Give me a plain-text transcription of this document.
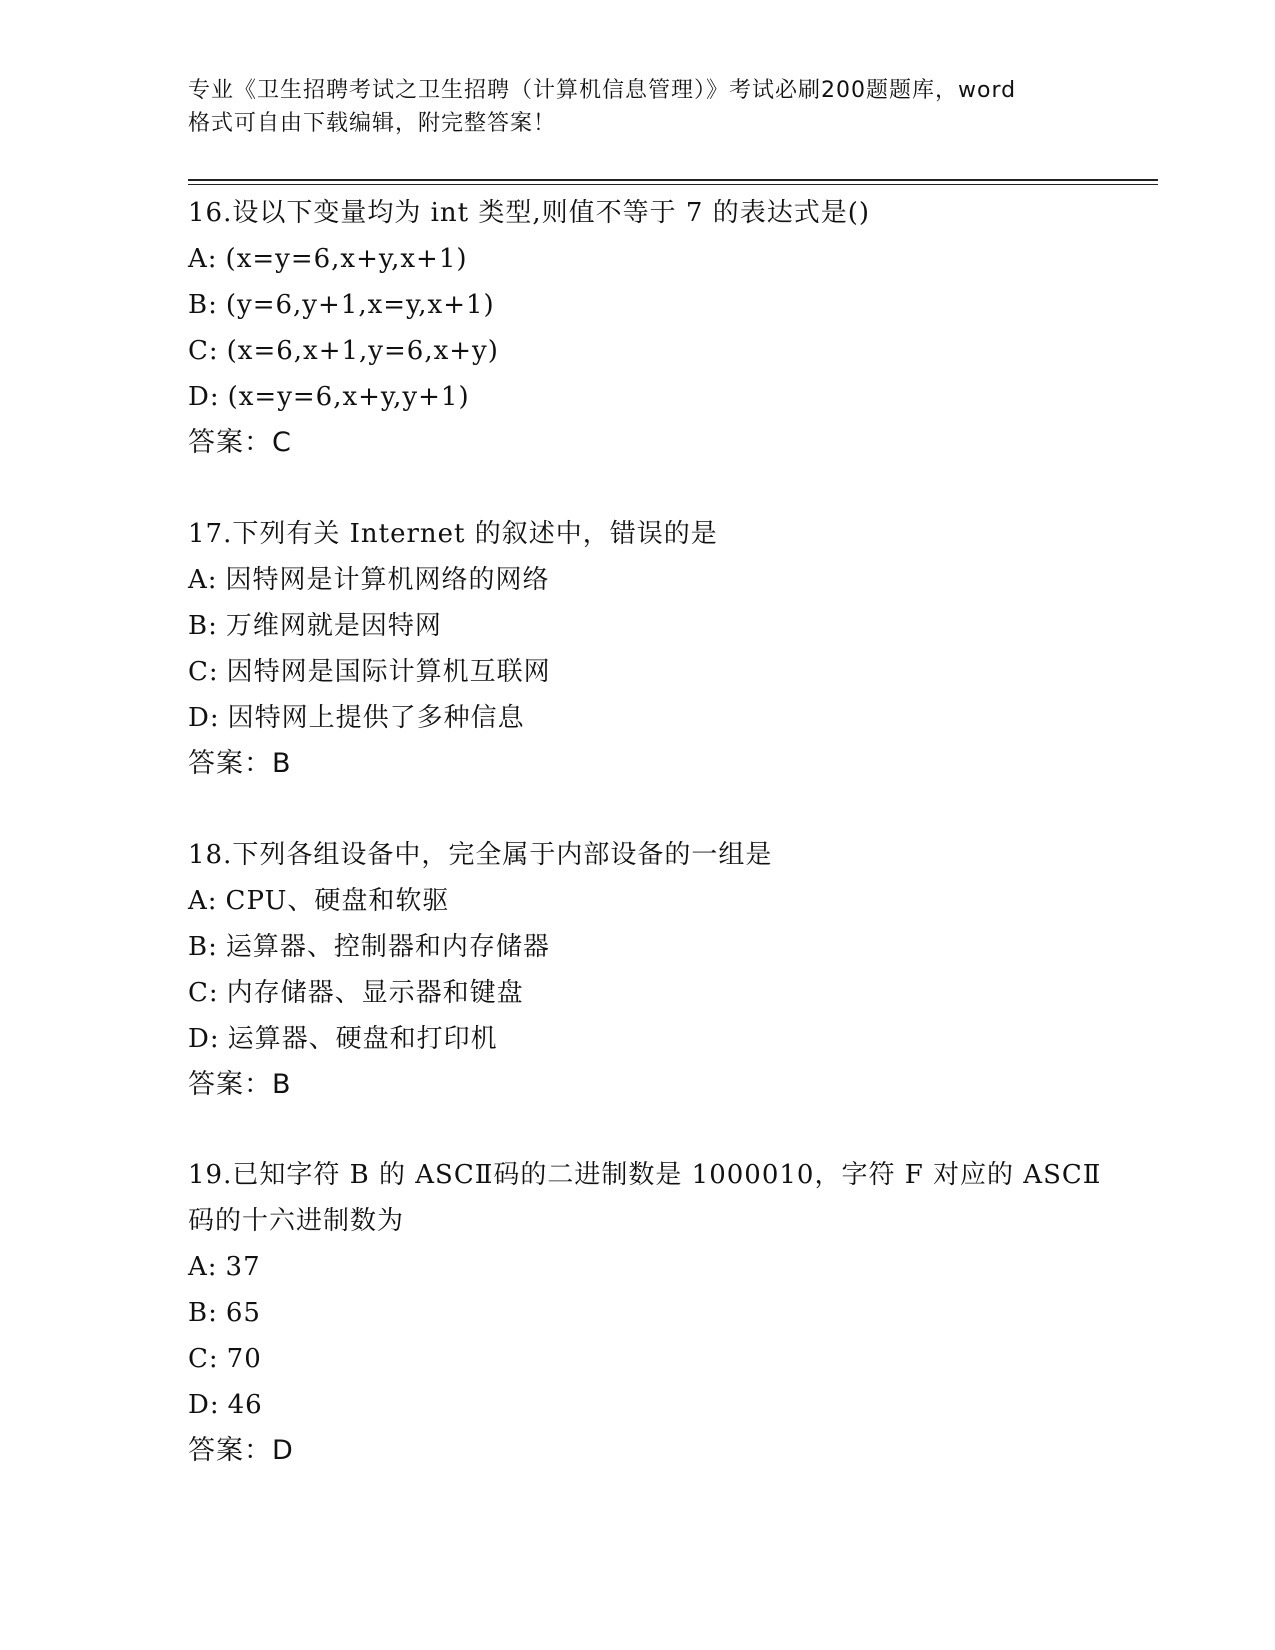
专业《卫生招聘考试之卫生招聘（计算机信息管理）》考试必刷200题题库，word
格式可自由下载编辑，附完整答案！

16.设以下变量均为 int 类型,则值不等于 7 的表达式是()

A: (x=y=6,x+y,x+1)

B: (y=6,y+1,x=y,x+1)

C: (x=6,x+1,y=6,x+y)

D: (x=y=6,x+y,y+1)

答案：C

17.下列有关 Internet 的叙述中，错误的是

A: 因特网是计算机网络的网络

B: 万维网就是因特网

C: 因特网是国际计算机互联网

D: 因特网上提供了多种信息

答案：B

18.下列各组设备中，完全属于内部设备的一组是

A: CPU、硬盘和软驱

B: 运算器、控制器和内存储器

C: 内存储器、显示器和键盘

D: 运算器、硬盘和打印机

答案：B

19.已知字符 B 的 ASCⅡ码的二进制数是 1000010，字符 F 对应的 ASCⅡ

码的十六进制数为

A: 37

B: 65

C: 70

D: 46

答案：D
